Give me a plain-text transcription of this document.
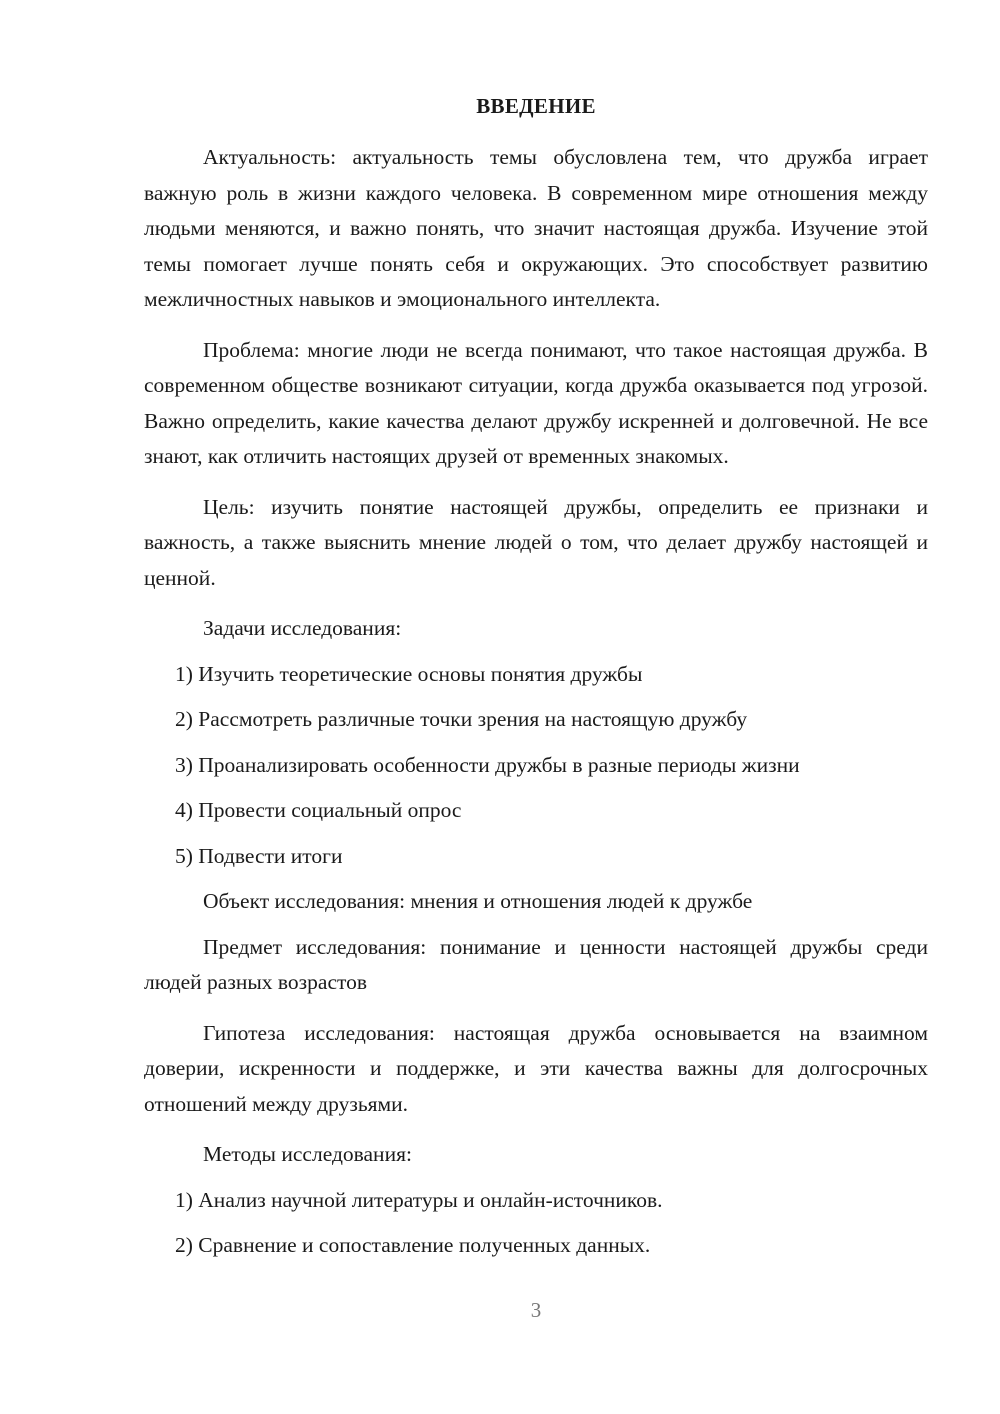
ВВЕДЕНИЕ

Актуальность: актуальность темы обусловлена тем, что дружба играет важную роль в жизни каждого человека. В современном мире отношения между людьми меняются, и важно понять, что значит настоящая дружба. Изучение этой темы помогает лучше понять себя и окружающих. Это способствует развитию межличностных навыков и эмоционального интеллекта.

Проблема: многие люди не всегда понимают, что такое настоящая дружба. В современном обществе возникают ситуации, когда дружба оказывается под угрозой. Важно определить, какие качества делают дружбу искренней и долговечной. Не все знают, как отличить настоящих друзей от временных знакомых.

Цель: изучить понятие настоящей дружбы, определить ее признаки и важность, а также выяснить мнение людей о том, что делает дружбу настоящей и ценной.

Задачи исследования:

1) Изучить теоретические основы понятия дружбы

2) Рассмотреть различные точки зрения на настоящую дружбу

3) Проанализировать особенности дружбы в разные периоды жизни

4) Провести социальный опрос

5) Подвести итоги

Объект исследования: мнения и отношения людей к дружбе

Предмет исследования: понимание и ценности настоящей дружбы среди людей разных возрастов

Гипотеза исследования: настоящая дружба основывается на взаимном доверии, искренности и поддержке, и эти качества важны для долгосрочных отношений между друзьями.

Методы исследования:

1) Анализ научной литературы и онлайн-источников.

2) Сравнение и сопоставление полученных данных.

3
